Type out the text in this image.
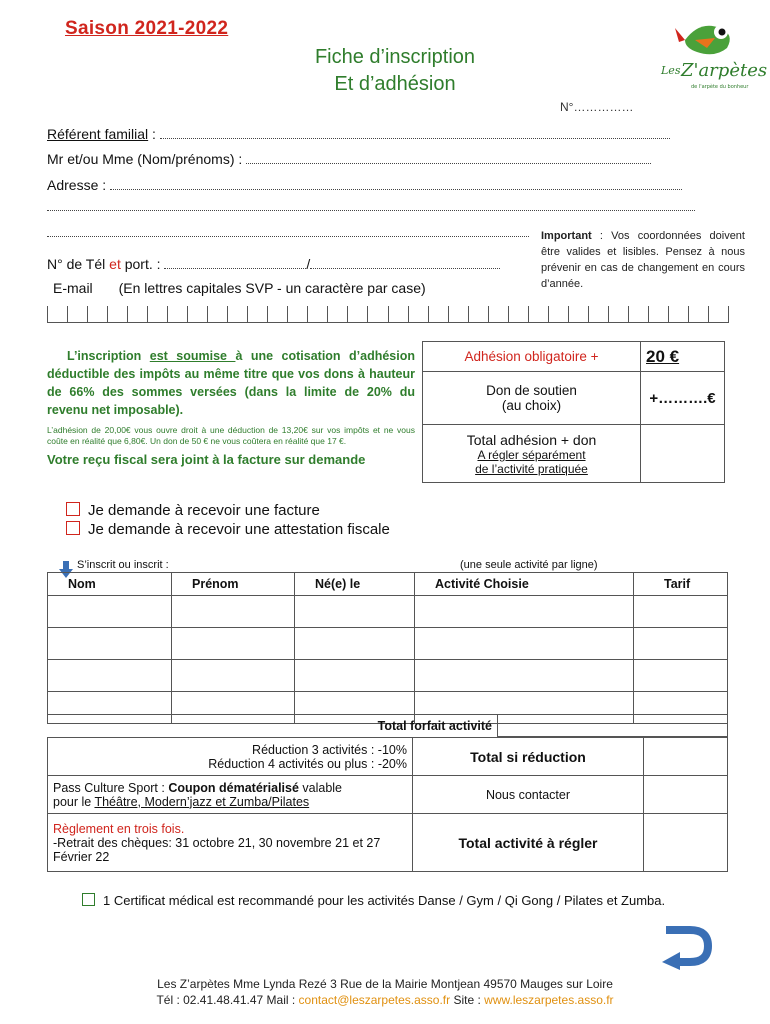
Saison 2021-2022
Fiche d’inscription
Et d’adhésion
Les Z'arpètes
de l'arpète du bonheur
N°……………
Référent familial :
Mr et/ou Mme (Nom/prénoms) :
Adresse :
N° de Tél et port. :	/
E-mail (En lettres capitales SVP - un caractère par case)
Important : Vos coordonnées doivent être valides et lisibles. Pensez à nous prévenir en cas de changement en cours d’année.
L’inscription est soumise à une cotisation d’adhésion déductible des impôts au même titre que vos dons à hauteur de 66% des sommes versées (dans la limite de 20% du revenu net imposable).
L’adhésion de 20,00€ vous ouvre droit à une déduction de 13,20€ sur vos impôts et ne vous coûte en réalité que 6,80€. Un don de 50 € ne vous coûtera en réalité que 17 €.
Votre reçu fiscal sera joint à la facture sur demande
Adhésion obligatoire +	20 €

Don de soutien
(au choix)	+……….€

Total adhésion + don
A régler séparément
de l’activité pratiquée	

Je demande à recevoir une facture
Je demande à recevoir une attestation fiscale
S’inscrit ou inscrit :	(une seule activité par ligne)
Nom	Prénom	Né(e) le	Activité Choisie	Tarif

Total forfait activité	
Réduction 3 activités : -10%
Réduction 4 activités ou plus : -20%	Total si réduction	

Pass Culture Sport : Coupon dématérialisé valable
pour le Théâtre, Modern’jazz et Zumba/Pilates	Nous contacter	

Règlement en trois fois.
-Retrait des chèques: 31 octobre 21, 30 novembre 21 et 27 Février 22	Total activité à régler	
1 Certificat médical est recommandé pour les activités Danse / Gym / Qi Gong / Pilates et Zumba.
Les Z’arpètes Mme Lynda Rezé 3 Rue de la Mairie Montjean 49570 Mauges sur Loire
Tél : 02.41.48.41.47 Mail : contact@leszarpetes.asso.fr Site : www.leszarpetes.asso.fr
